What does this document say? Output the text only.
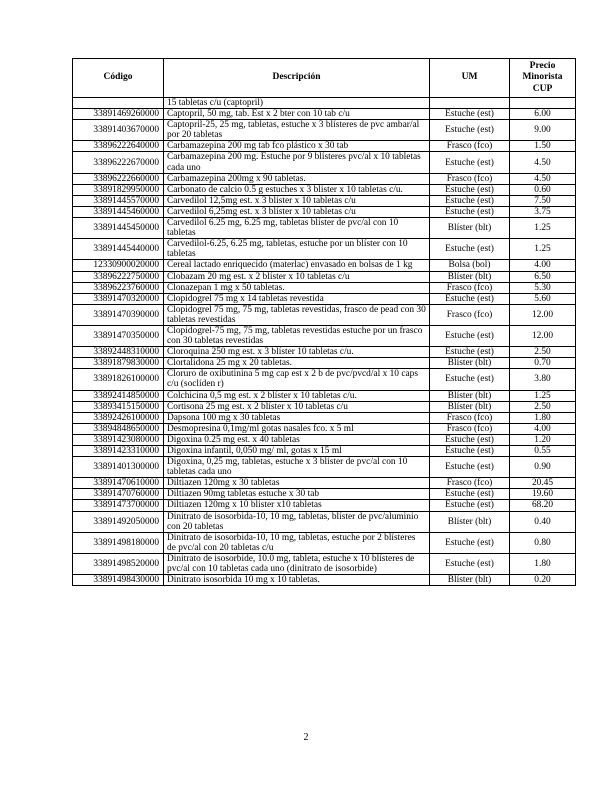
Código	Descripción	UM	Precio Minorista CUP
	15 tabletas c/u (captopril)		
33891469260000	Captopril, 50 mg, tab. Est x 2 bter con 10 tab c/u	Estuche (est)	6.00
33891403670000	Captopril-25, 25 mg, tabletas, estuche x 3 blísteres de pvc ambar/al por 20 tabletas	Estuche (est)	9.00
33896222640000	Carbamazepina 200 mg tab fco plástico x 30 tab	Frasco (fco)	1.50
33896222670000	Carbamazepina 200 mg. Estuche por 9 blísteres pvc/al x 10 tabletas cada uno	Estuche (est)	4.50
33896222660000	Carbamazepina 200mg x 90 tabletas.	Frasco (fco)	4.50
33891829950000	Carbonato de calcio 0.5 g estuches x 3 blister x 10 tabletas c/u.	Estuche (est)	0.60
33891445570000	Carvedilol 12,5mg est. x 3 blíster x 10 tabletas c/u	Estuche (est)	7.50
33891445460000	Carvedilol 6,25mg est. x 3 blíster x 10 tabletas c/u	Estuche (est)	3.75
33891445450000	Carvedilol 6.25 mg, 6.25 mg, tabletas blíster de pvc/al con 10 tabletas	Blíster (blt)	1.25
33891445440000	Carvedilol-6.25, 6.25 mg, tabletas, estuche por un blíster con 10 tabletas	Estuche (est)	1.25
12330900020000	Cereal lactado enriquecido (materlac) envasado en bolsas de 1 kg	Bolsa (bol)	4.00
33896222750000	Clobazam 20 mg est. x 2 blíster x 10 tabletas c/u	Blíster (blt)	6.50
33896223760000	Clonazepan 1 mg x 50 tabletas.	Frasco (fco)	5.30
33891470320000	Clopidogrel 75 mg x 14 tabletas revestida	Estuche (est)	5.60
33891470390000	Clopidogrel 75 mg, 75 mg, tabletas revestidas, frasco de pead con 30 tabletas revestidas	Frasco (fco)	12.00
33891470350000	Clopidogrel-75 mg, 75 mg, tabletas revestidas estuche por un frasco con 30 tabletas revestidas	Estuche (est)	12.00
33892448310000	Cloroquina 250 mg est. x 3 blíster 10 tabletas c/u.	Estuche (est)	2.50
33891879830000	Clortalidona 25 mg x 20 tabletas.	Blíster (blt)	0.70
33891826100000	Cloruro de oxibutinina 5 mg cap est x 2 b de pvc/pvcd/al x 10 caps c/u (soclíden r)	Estuche (est)	3.80
33892414850000	Colchicina 0,5 mg est. x 2 blíster x 10 tabletas c/u.	Blíster (blt)	1.25
33893415150000	Cortisona 25 mg est. x 2 blíster x 10 tabletas c/u	Blíster (blt)	2.50
33892426100000	Dapsona 100 mg x 30 tabletas	Frasco (fco)	1.80
33894848650000	Desmopresina 0,1mg/ml gotas nasales fco. x 5 ml	Frasco (fco)	4.00
33891423080000	Digoxina 0.25 mg est. x 40 tabletas	Estuche (est)	1.20
33891423310000	Digoxina infantil, 0,050 mg/ ml, gotas x 15 ml	Estuche (est)	0.55
33891401300000	Digoxina, 0,25 mg, tabletas, estuche x 3 blíster de pvc/al con 10 tabletas cada uno	Estuche (est)	0.90
33891470610000	Diltiazen 120mg x 30 tabletas	Frasco (fco)	20.45
33891470760000	Diltiazen 90mg tabletas estuche x 30 tab	Estuche (est)	19.60
33891473700000	Diltiazen 120mg x 10 blister x10 tabletas	Estuche (est)	68.20
33891492050000	Dinitrato de isosorbida-10, 10 mg, tabletas, blíster de pvc/aluminio con 20 tabletas	Blíster (blt)	0.40
33891498180000	Dinitrato de isosorbida-10, 10 mg, tabletas, estuche por 2 blísteres de pvc/al con 20 tabletas c/u	Estuche (est)	0.80
33891498520000	Dinitrato de isosorbide, 10.0 mg, tableta, estuche x 10 blísteres de pvc/al con 10 tabletas cada uno (dinitrato de isosorbide)	Estuche (est)	1.80
33891498430000	Dinitrato isosorbida 10 mg x 10 tabletas.	Blíster (blt)	0.20
2
